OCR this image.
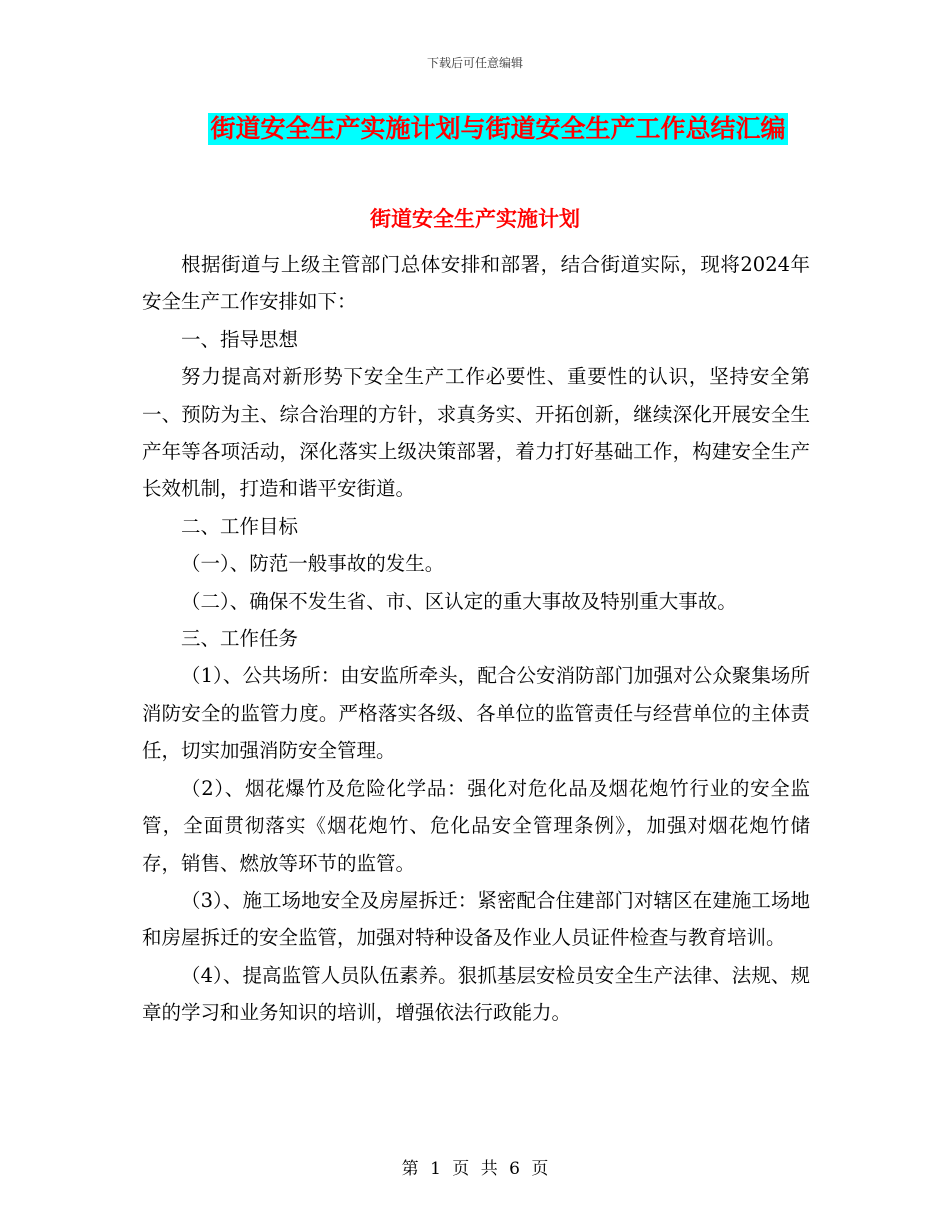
下载后可任意编辑
街道安全生产实施计划与街道安全生产工作总结汇编
街道安全生产实施计划

根据街道与上级主管部门总体安排和部署，结合街道实际，现将2024年安全生产工作安排如下：

一、指导思想

努力提高对新形势下安全生产工作必要性、重要性的认识，坚持安全第一、预防为主、综合治理的方针，求真务实、开拓创新，继续深化开展安全生产年等各项活动，深化落实上级决策部署，着力打好基础工作，构建安全生产长效机制，打造和谐平安街道。

二、工作目标

（一）、防范一般事故的发生。

（二）、确保不发生省、市、区认定的重大事故及特别重大事故。

三、工作任务

（1）、公共场所：由安监所牵头，配合公安消防部门加强对公众聚集场所消防安全的监管力度。严格落实各级、各单位的监管责任与经营单位的主体责任，切实加强消防安全管理。

（2）、烟花爆竹及危险化学品：强化对危化品及烟花炮竹行业的安全监管，全面贯彻落实《烟花炮竹、危化品安全管理条例》，加强对烟花炮竹储存，销售、燃放等环节的监管。

（3）、施工场地安全及房屋拆迁：紧密配合住建部门对辖区在建施工场地和房屋拆迁的安全监管，加强对特种设备及作业人员证件检查与教育培训。

（4）、提高监管人员队伍素养。狠抓基层安检员安全生产法律、法规、规章的学习和业务知识的培训，增强依法行政能力。

第 1 页 共 6 页
